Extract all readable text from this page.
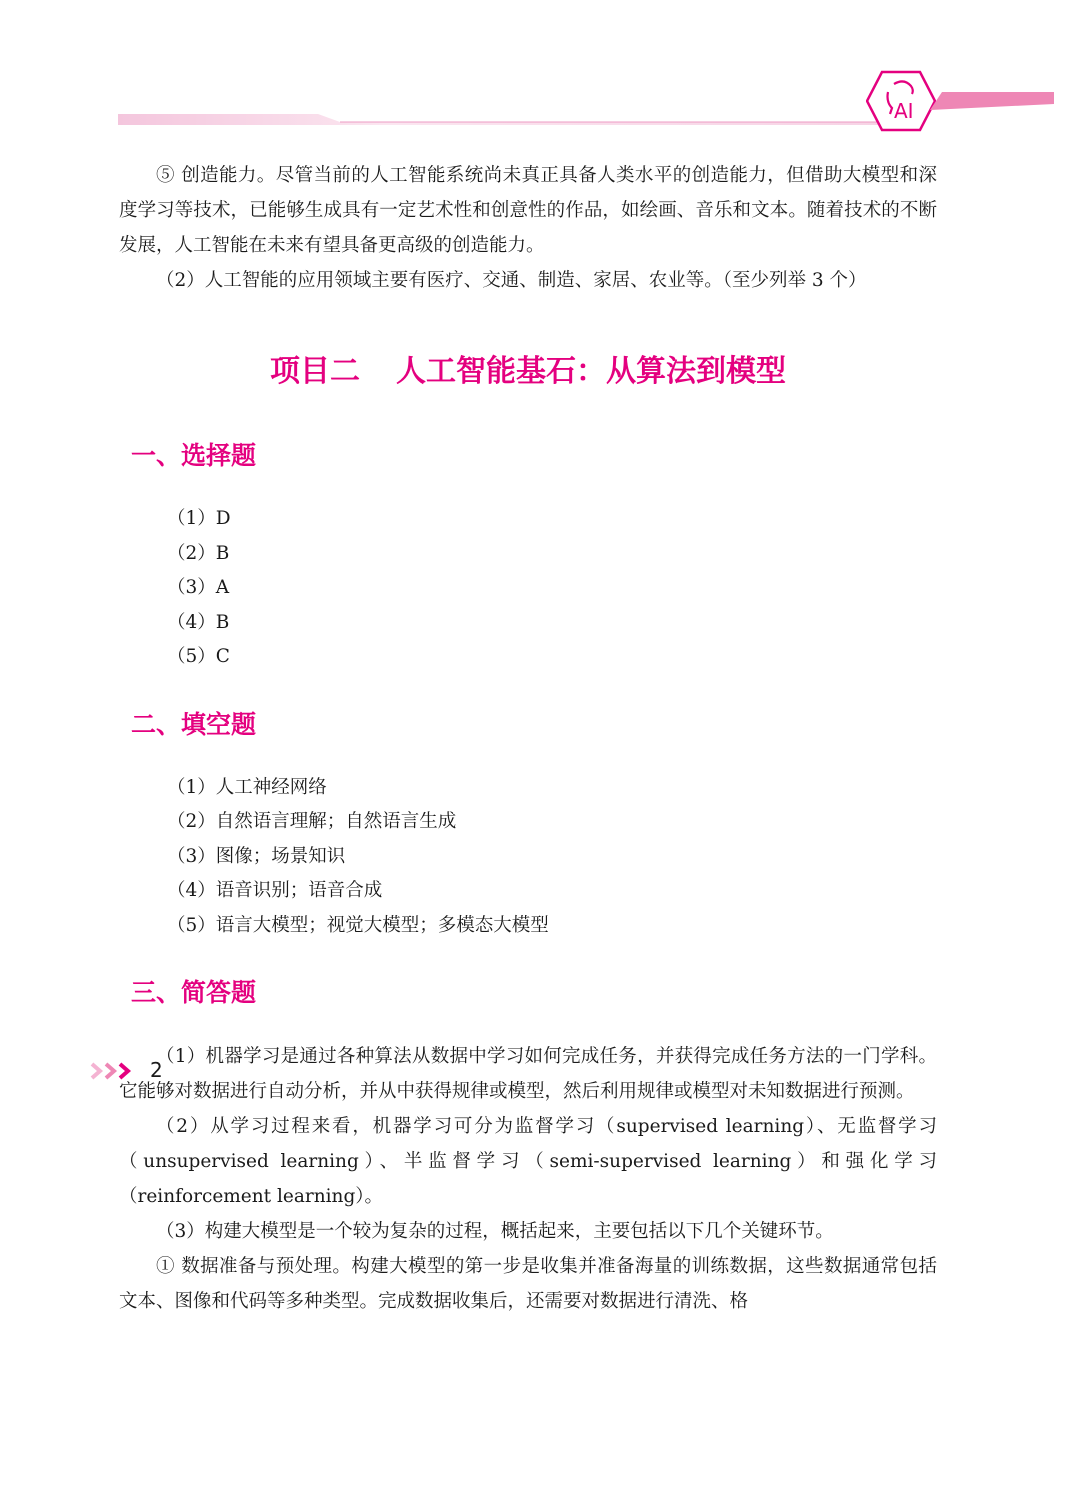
AI

⑤ 创造能力。尽管当前的人工智能系统尚未真正具备人类水平的创造能力，但借助大模型和深度学习等技术，已能够生成具有一定艺术性和创意性的作品，如绘画、音乐和文本。随着技术的不断发展，人工智能在未来有望具备更高级的创造能力。

（2）人工智能的应用领域主要有医疗、交通、制造、家居、农业等。（至少列举 3 个）

项目二 人工智能基石：从算法到模型
一、选择题
（1）D
（2）B
（3）A
（4）B
（5）C
二、填空题
（1）人工神经网络
（2）自然语言理解；自然语言生成
（3）图像；场景知识
（4）语音识别；语音合成
（5）语言大模型；视觉大模型；多模态大模型
三、简答题

（1）机器学习是通过各种算法从数据中学习如何完成任务，并获得完成任务方法的一门学科。它能够对数据进行自动分析，并从中获得规律或模型，然后利用规律或模型对未知数据进行预测。

（2）从学习过程来看，机器学习可分为监督学习（supervised learning）、无监督学习（unsupervised learning）、半监督学习（semi-supervised learning）和强化学习（reinforcement learning）。

（3）构建大模型是一个较为复杂的过程，概括起来，主要包括以下几个关键环节。

① 数据准备与预处理。构建大模型的第一步是收集并准备海量的训练数据，这些数据通常包括文本、图像和代码等多种类型。完成数据收集后，还需要对数据进行清洗、格

2
